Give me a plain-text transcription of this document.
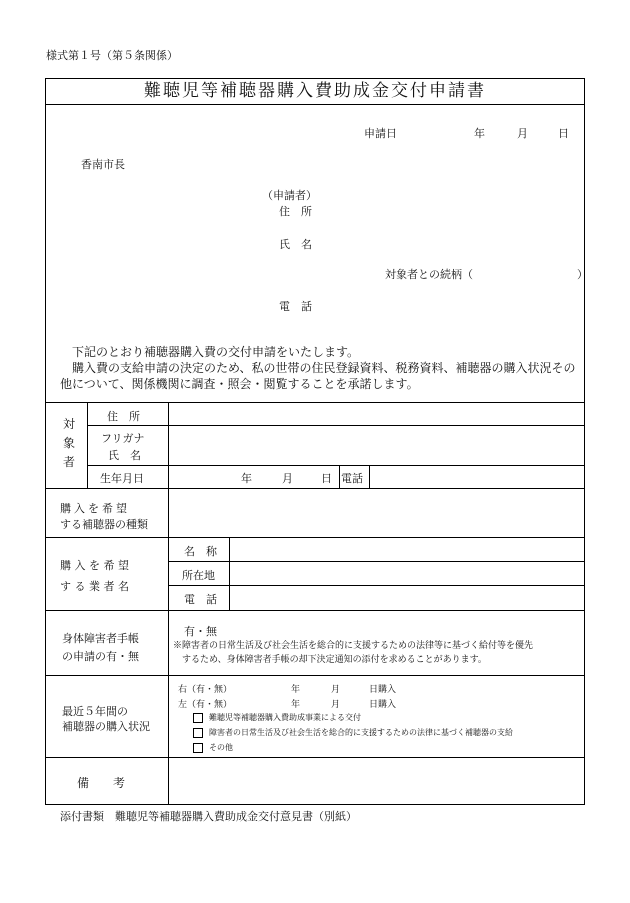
様式第１号（第５条関係）
難聴児等補聴器購入費助成金交付申請書
申請日	年	月	日
香南市長
（申請者）
住　所
氏　名
対象者との続柄（	）
電　話
　下記のとおり補聴器購入費の交付申請をいたします。
　購入費の支給申請の決定のため、私の世帯の住民登録資料、税務資料、補聴器の購入状況その他について、関係機関に調査・照会・閲覧することを承諾します。
対象者
住　所
フリガナ
氏　名
生年月日	年	月	日 電話
購入を希望
する補聴器の種類
購 入 を 希 望
す る 業 者 名
名　称
所在地
電　話
身体障害者手帳
の申請の有・無
有・無
※障害者の日常生活及び社会生活を総合的に支援するための法律等に基づく給付等を優先
　するため、身体障害者手帳の却下決定通知の添付を求めることがあります。
最近５年間の
補聴器の購入状況
右（有・無）	年	月	日購入
左（有・無）	年	月	日購入
難聴児等補聴器購入費助成事業による交付
障害者の日常生活及び社会生活を総合的に支援するための法律に基づく補聴器の支給
その他
備　　考
添付書類　難聴児等補聴器購入費助成金交付意見書（別紙）
